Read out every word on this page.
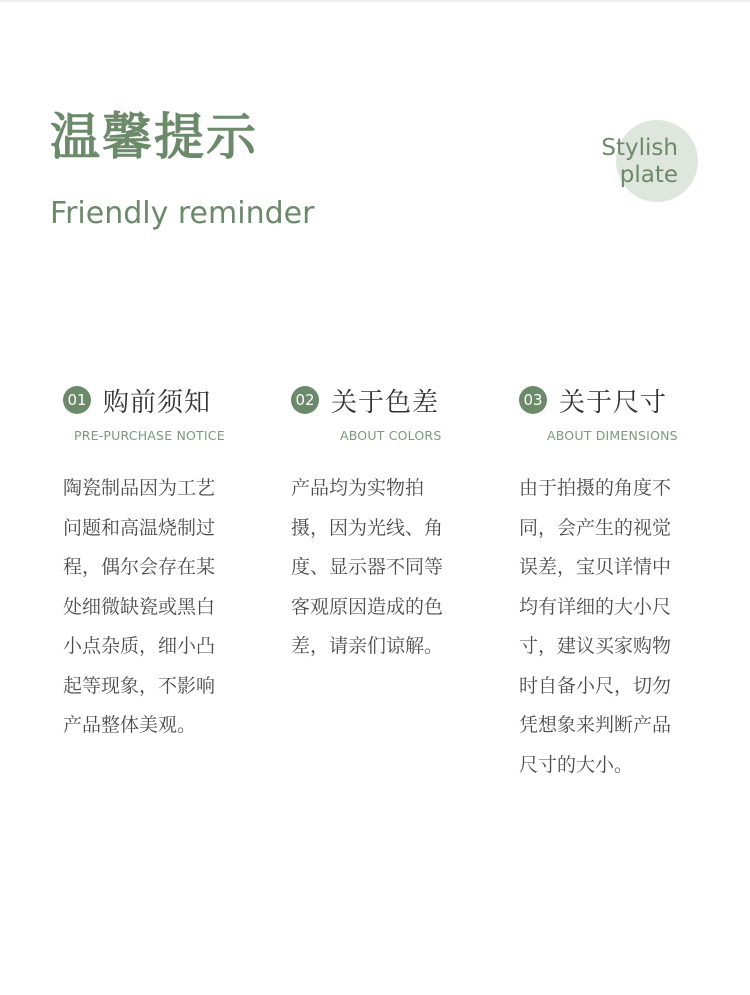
温馨提示
Friendly reminder
Stylish
plate
01 购前须知
PRE-PURCHASE NOTICE
陶瓷制品因为工艺问题和高温烧制过程，偶尔会存在某处细微缺瓷或黑白小点杂质，细小凸起等现象，不影响产品整体美观。
02 关于色差
ABOUT COLORS
产品均为实物拍摄，因为光线、角度、显示器不同等客观原因造成的色差，请亲们谅解。
03 关于尺寸
ABOUT DIMENSIONS
由于拍摄的角度不同，会产生的视觉误差，宝贝详情中均有详细的大小尺寸，建议买家购物时自备小尺，切勿凭想象来判断产品尺寸的大小。
